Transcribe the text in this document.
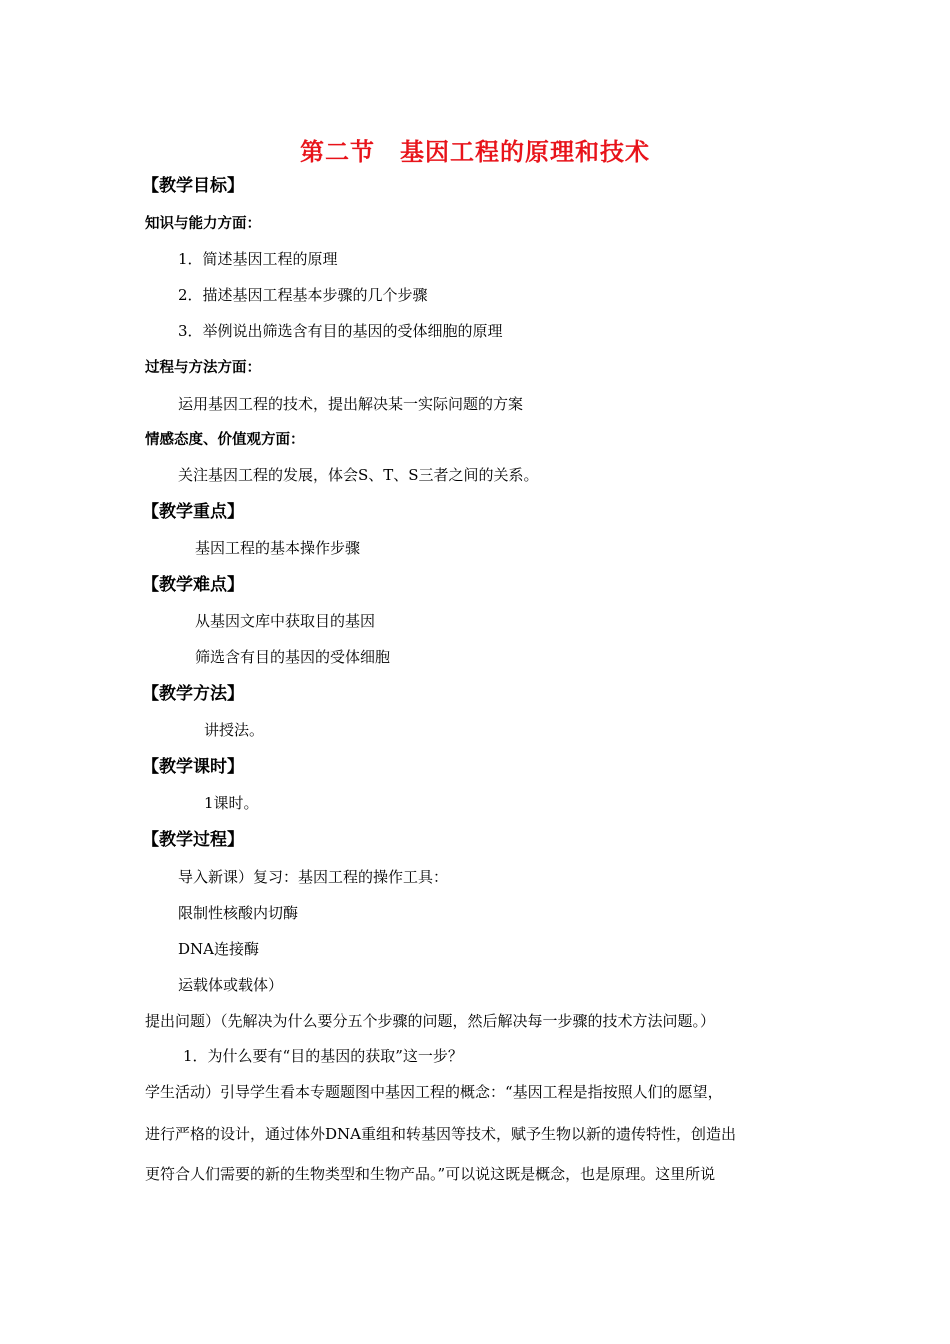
第二节　基因工程的原理和技术
【教学目标】
知识与能力方面：
1．简述基因工程的原理
2．描述基因工程基本步骤的几个步骤
3．举例说出筛选含有目的基因的受体细胞的原理
过程与方法方面：
运用基因工程的技术，提出解决某一实际问题的方案
情感态度、价值观方面：
关注基因工程的发展，体会S、T、S三者之间的关系。
【教学重点】
基因工程的基本操作步骤
【教学难点】
从基因文库中获取目的基因
筛选含有目的基因的受体细胞
【教学方法】
讲授法。
【教学课时】
1课时。
【教学过程】
导入新课）复习：基因工程的操作工具：
限制性核酸内切酶
DNA连接酶
运载体或载体）
提出问题）（先解决为什么要分五个步骤的问题，然后解决每一步骤的技术方法问题。）
1．为什么要有“目的基因的获取”这一步？
学生活动）引导学生看本专题题图中基因工程的概念：“基因工程是指按照人们的愿望，
进行严格的设计，通过体外DNA重组和转基因等技术，赋予生物以新的遗传特性，创造出
更符合人们需要的新的生物类型和生物产品。”可以说这既是概念，也是原理。这里所说
